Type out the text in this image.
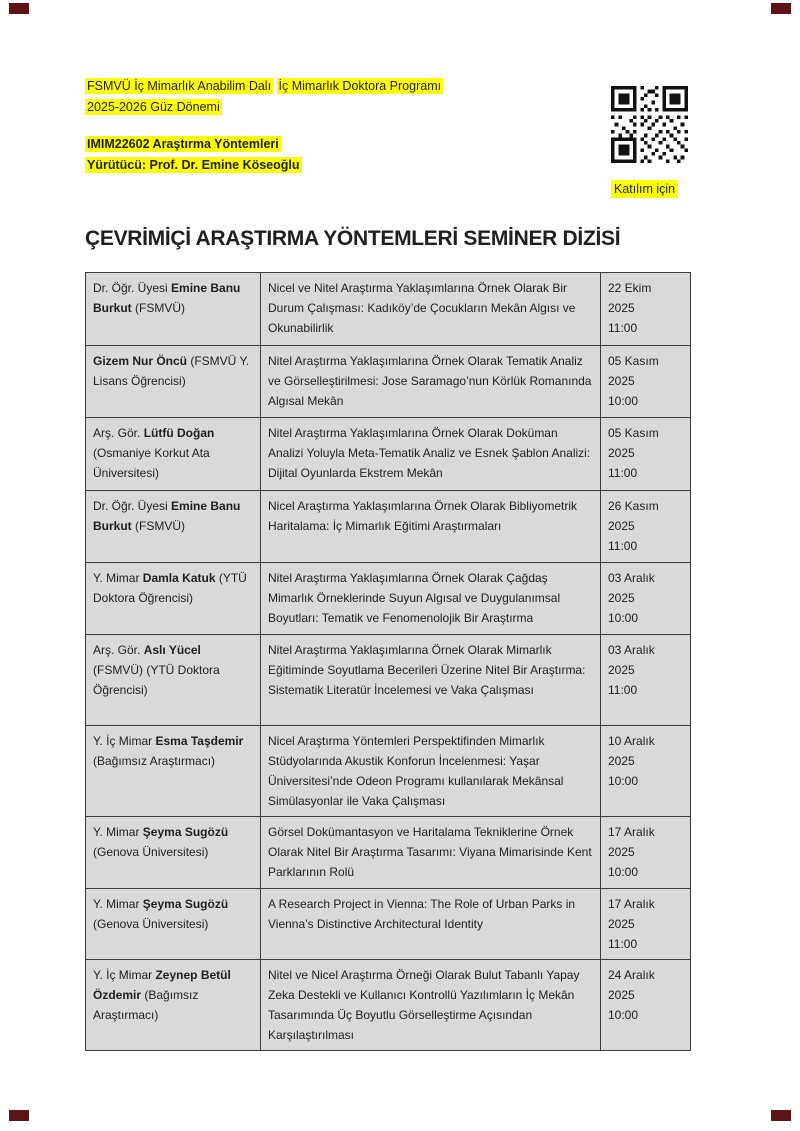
FSMVÜ İç Mimarlık Anabilim Dalı İç Mimarlık Doktora Programı
2025-2026 Güz Dönemi
IMIM22602 Araştırma Yöntemleri
Yürütücü: Prof. Dr. Emine Köseoğlu
Katılım için
ÇEVRİMİÇİ ARAŞTIRMA YÖNTEMLERİ SEMİNER DİZİSİ
Dr. Öğr. Üyesi Emine Banu Burkut (FSMVÜ)	Nicel ve Nitel Araştırma Yaklaşımlarına Örnek Olarak Bir Durum Çalışması: Kadıköy’de Çocukların Mekân Algısı ve Okunabilirlik	22 Ekim
2025
11:00

Gizem Nur Öncü (FSMVÜ Y. Lisans Öğrencisi)	Nitel Araştırma Yaklaşımlarına Örnek Olarak Tematik Analiz ve Görselleştirilmesi: Jose Saramago’nun Körlük Romanında Algısal Mekân	05 Kasım
2025
10:00

Arş. Gör. Lütfü Doğan (Osmaniye Korkut Ata Üniversitesi)	Nitel Araştırma Yaklaşımlarına Örnek Olarak Doküman Analizi Yoluyla Meta-Tematik Analiz ve Esnek Şablon Analizi: Dijital Oyunlarda Ekstrem Mekân	05 Kasım
2025
11:00

Dr. Öğr. Üyesi Emine Banu Burkut (FSMVÜ)	Nicel Araştırma Yaklaşımlarına Örnek Olarak Bibliyometrik Haritalama: İç Mimarlık Eğitimi Araştırmaları	26 Kasım
2025
11:00

Y. Mimar Damla Katuk (YTÜ Doktora Öğrencisi)	Nitel Araştırma Yaklaşımlarına Örnek Olarak Çağdaş Mimarlık Örneklerinde Suyun Algısal ve Duygulanımsal Boyutları: Tematik ve Fenomenolojik Bir Araştırma	03 Aralık
2025
10:00

Arş. Gör. Aslı Yücel (FSMVÜ) (YTÜ Doktora Öğrencisi)	Nitel Araştırma Yaklaşımlarına Örnek Olarak Mimarlık Eğitiminde Soyutlama Becerileri Üzerine Nitel Bir Araştırma: Sistematik Literatür İncelemesi ve Vaka Çalışması	03 Aralık
2025
11:00

Y. İç Mimar Esma Taşdemir (Bağımsız Araştırmacı)	Nicel Araştırma Yöntemleri Perspektifinden Mimarlık Stüdyolarında Akustik Konforun İncelenmesi: Yaşar Üniversitesi’nde Odeon Programı kullanılarak Mekânsal Simülasyonlar ile Vaka Çalışması	10 Aralık
2025
10:00

Y. Mimar Şeyma Sugözü (Genova Üniversitesi)	Görsel Dokümantasyon ve Haritalama Tekniklerine Örnek Olarak Nitel Bir Araştırma Tasarımı: Viyana Mimarisinde Kent Parklarının Rolü	17 Aralık
2025
10:00

Y. Mimar Şeyma Sugözü (Genova Üniversitesi)	A Research Project in Vienna: The Role of Urban Parks in Vienna’s Distinctive Architectural Identity	17 Aralık
2025
11:00

Y. İç Mimar Zeynep Betül Özdemir (Bağımsız Araştırmacı)	Nitel ve Nicel Araştırma Örneği Olarak Bulut Tabanlı Yapay Zeka Destekli ve Kullanıcı Kontrollü Yazılımların İç Mekân Tasarımında Üç Boyutlu Görselleştirme Açısından Karşılaştırılması	24 Aralık
2025
10:00
